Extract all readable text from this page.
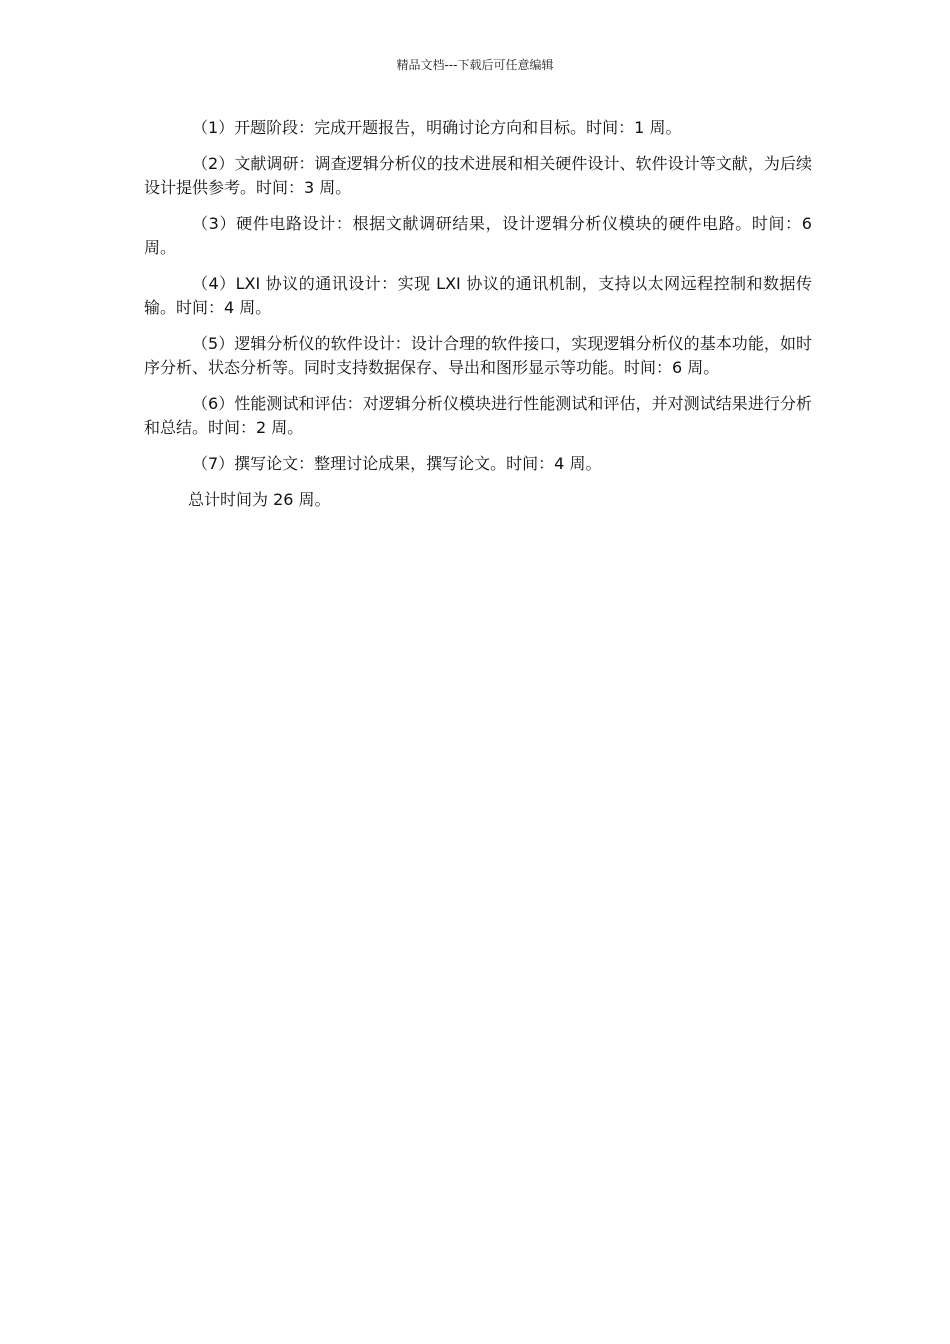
精品文档---下载后可任意编辑

（1）开题阶段：完成开题报告，明确讨论方向和目标。时间：1 周。

（2）文献调研：调查逻辑分析仪的技术进展和相关硬件设计、软件设计等文献，为后续设计提供参考。时间：3 周。

（3）硬件电路设计：根据文献调研结果，设计逻辑分析仪模块的硬件电路。时间：6 周。

（4）LXI 协议的通讯设计：实现 LXI 协议的通讯机制，支持以太网远程控制和数据传输。时间：4 周。

（5）逻辑分析仪的软件设计：设计合理的软件接口，实现逻辑分析仪的基本功能，如时序分析、状态分析等。同时支持数据保存、导出和图形显示等功能。时间：6 周。

（6）性能测试和评估：对逻辑分析仪模块进行性能测试和评估，并对测试结果进行分析和总结。时间：2 周。

（7）撰写论文：整理讨论成果，撰写论文。时间：4 周。

总计时间为 26 周。
